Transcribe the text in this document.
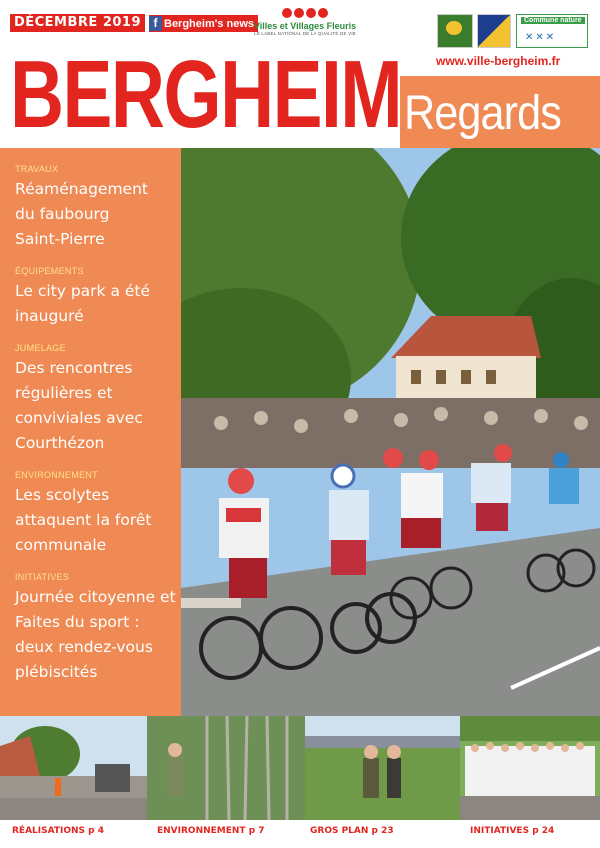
DÉCEMBRE 2019	f Bergheim's news Villes et Villages Fleuris
LE LABEL NATIONAL DE LA QUALITÉ DE VIE
Commune nature
✕✕✕
www.ville-bergheim.fr
BERGHEIM Regards
TRAVAUX
Réaménagement du faubourg Saint-Pierre
ÉQUIPEMENTS
Le city park a été inauguré
JUMELAGE
Des rencontres régulières et conviviales avec Courthézon
ENVIRONNEMENT
Les scolytes attaquent la forêt communale
INITIATIVES
Journée citoyenne et Faites du sport : deux rendez-vous plébiscités
RÉALISATIONS p 4	ENVIRONNEMENT p 7	GROS PLAN p 23	INITIATIVES p 24
